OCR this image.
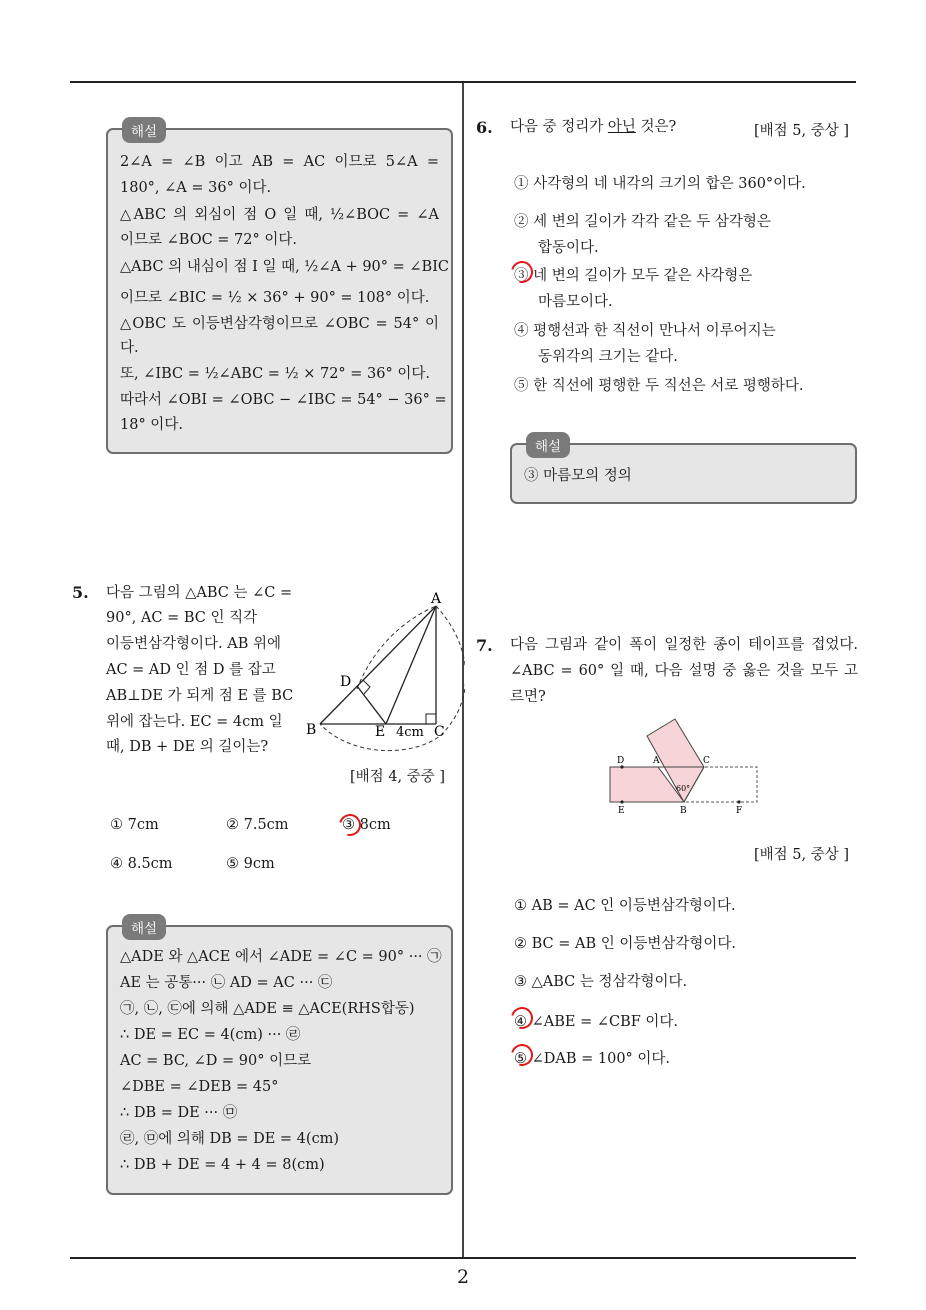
해설
2∠A = ∠B 이고 AB = AC 이므로 5∠A =
180°, ∠A = 36° 이다.
△ABC 의 외심이 점 O 일 때, ½∠BOC = ∠A
이므로 ∠BOC = 72° 이다.
△ABC 의 내심이 점 I 일 때, ½∠A + 90° = ∠BIC
이므로 ∠BIC = ½ × 36° + 90° = 108° 이다.
△OBC 도 이등변삼각형이므로 ∠OBC = 54° 이
다.
또, ∠IBC = ½∠ABC = ½ × 72° = 36° 이다.
따라서 ∠OBI = ∠OBC − ∠IBC = 54° − 36° =
18° 이다.
5. 다음 그림의 △ABC 는 ∠C =
90°, AC = BC 인 직각
이등변삼각형이다. AB 위에
AC = AD 인 점 D 를 잡고
AB⊥DE 가 되게 점 E 를 BC
위에 잡는다. EC = 4cm 일
때, DB + DE 의 길이는?
A
D
B	E 4cm C
[배점 4, 중중 ]
① 7cm	② 7.5cm	③ 8cm
④ 8.5cm	⑤ 9cm
해설
△ADE 와 △ACE 에서 ∠ADE = ∠C = 90° ··· ㉠
AE 는 공통··· ㉡ AD = AC ··· ㉢
㉠, ㉡, ㉢에 의해 △ADE ≡ △ACE(RHS합동)
∴ DE = EC = 4(cm) ··· ㉣
AC = BC, ∠D = 90° 이므로
∠DBE = ∠DEB = 45°
∴ DB = DE ··· ㉤
㉣, ㉤에 의해 DB = DE = 4(cm)
∴ DB + DE = 4 + 4 = 8(cm)
6. 다음 중 정리가 아닌 것은?	[배점 5, 중상 ]
① 사각형의 네 내각의 크기의 합은 360°이다.
② 세 변의 길이가 각각 같은 두 삼각형은
합동이다.
③ 네 변의 길이가 모두 같은 사각형은
마름모이다.
④ 평행선과 한 직선이 만나서 이루어지는
동위각의 크기는 같다.
⑤ 한 직선에 평행한 두 직선은 서로 평행하다.
해설
③ 마름모의 정의
7. 다음 그림과 같이 폭이 일정한 종이 테이프를 접었다.
∠ABC = 60° 일 때, 다음 설명 중 옳은 것을 모두 고
르면?
D	A	C
60°
E	B	F
[배점 5, 중상 ]
① AB = AC 인 이등변삼각형이다.
② BC = AB 인 이등변삼각형이다.
③ △ABC 는 정삼각형이다.
④ ∠ABE = ∠CBF 이다.
⑤ ∠DAB = 100° 이다.
2
